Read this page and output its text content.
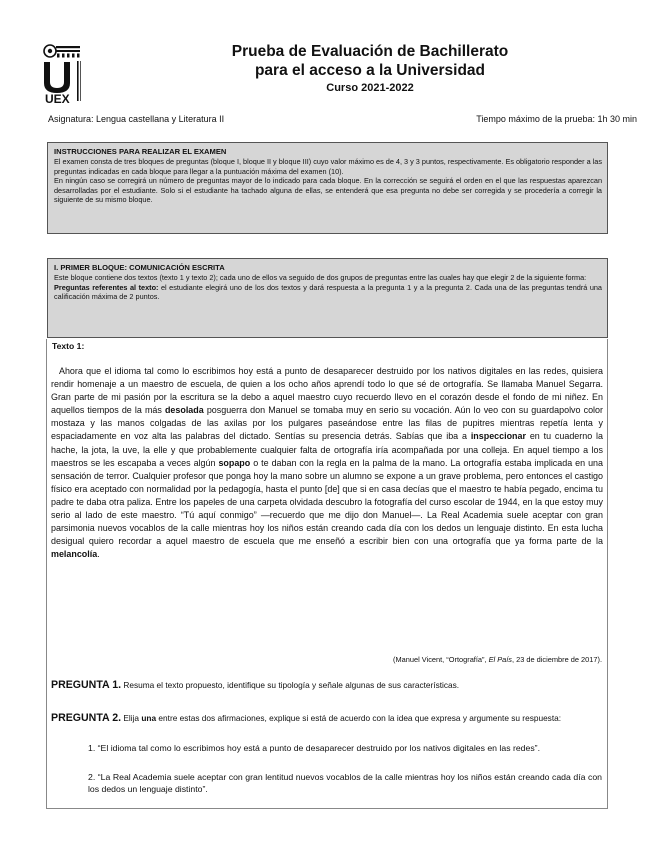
UEX
Prueba de Evaluación de Bachillerato
para el acceso a la Universidad
Curso 2021-2022
Asignatura: Lengua castellana y Literatura II	Tiempo máximo de la prueba: 1h 30 min
INSTRUCCIONES PARA REALIZAR EL EXAMEN

El examen consta de tres bloques de preguntas (bloque I, bloque II y bloque III) cuyo valor máximo es de 4, 3 y 3 puntos, respectivamente. Es obligatorio responder a las preguntas indicadas en cada bloque para llegar a la puntuación máxima del examen (10).

En ningún caso se corregirá un número de preguntas mayor de lo indicado para cada bloque. En la corrección se seguirá el orden en el que las respuestas aparezcan desarrolladas por el estudiante. Solo si el estudiante ha tachado alguna de ellas, se entenderá que esa pregunta no debe ser corregida y se procedería a corregir la siguiente de su mismo bloque.

I. PRIMER BLOQUE: COMUNICACIÓN ESCRITA

Este bloque contiene dos textos (texto 1 y texto 2); cada uno de ellos va seguido de dos grupos de preguntas entre las cuales hay que elegir 2 de la siguiente forma:

Preguntas referentes al texto: el estudiante elegirá uno de los dos textos y dará respuesta a la pregunta 1 y a la pregunta 2. Cada una de las preguntas tendrá una calificación máxima de 2 puntos.

Texto 1:
Ahora que el idioma tal como lo escribimos hoy está a punto de desaparecer destruido por los nativos digitales en las redes, quisiera rendir homenaje a un maestro de escuela, de quien a los ocho años aprendí todo lo que sé de ortografía. Se llamaba Manuel Segarra. Gran parte de mi pasión por la escritura se la debo a aquel maestro cuyo recuerdo llevo en el corazón desde el fondo de mi niñez. En aquellos tiempos de la más desolada posguerra don Manuel se tomaba muy en serio su vocación. Aún lo veo con su guardapolvo color mostaza y las manos colgadas de las axilas por los pulgares paseándose entre las filas de pupitres mientras repetía lenta y espaciadamente en voz alta las palabras del dictado. Sentías su presencia detrás. Sabías que iba a inspeccionar en tu cuaderno la hache, la jota, la uve, la elle y que probablemente cualquier falta de ortografía iría acompañada por una colleja. En aquel tiempo a los maestros se les escapaba a veces algún sopapo o te daban con la regla en la palma de la mano. La ortografía estaba implicada en una sensación de terror. Cualquier profesor que ponga hoy la mano sobre un alumno se expone a un grave problema, pero entonces el castigo físico era aceptado con normalidad por la pedagogía, hasta el punto [de] que si en casa decías que el maestro te había pegado, encima tu padre te daba otra paliza. Entre los papeles de una carpeta olvidada descubro la fotografía del curso escolar de 1944, en la que estoy muy serio al lado de este maestro. “Tú aquí conmigo” —recuerdo que me dijo don Manuel—. La Real Academia suele aceptar con gran parsimonia nuevos vocablos de la calle mientras hoy los niños están creando cada día con los dedos un lenguaje distinto. En esta lucha desigual quiero recordar a aquel maestro de escuela que me enseñó a escribir bien con una ortografía que ya forma parte de la melancolía.
(Manuel Vicent, “Ortografía”, El País, 23 de diciembre de 2017).
PREGUNTA 1. Resuma el texto propuesto, identifique su tipología y señale algunas de sus características.
PREGUNTA 2. Elija una entre estas dos afirmaciones, explique si está de acuerdo con la idea que expresa y argumente su respuesta:
1. “El idioma tal como lo escribimos hoy está a punto de desaparecer destruido por los nativos digitales en las redes”.
2. “La Real Academia suele aceptar con gran lentitud nuevos vocablos de la calle mientras hoy los niños están creando cada día con los dedos un lenguaje distinto”.
